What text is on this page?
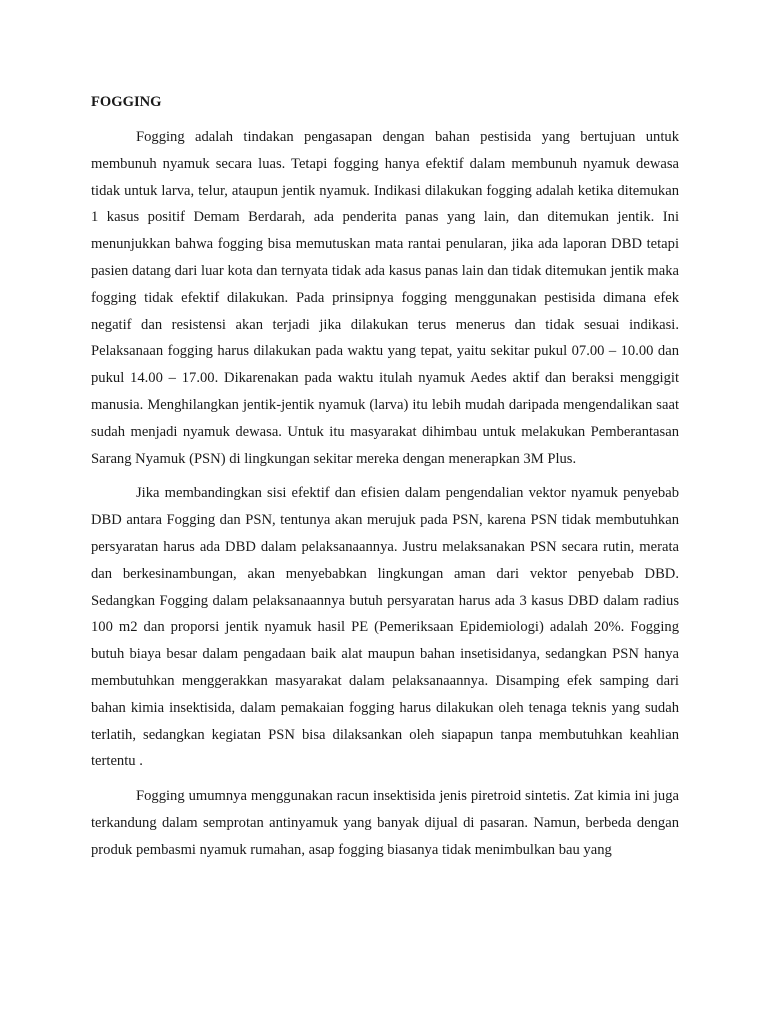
FOGGING

Fogging adalah tindakan pengasapan dengan bahan pestisida yang bertujuan untuk membunuh nyamuk secara luas. Tetapi fogging hanya efektif dalam membunuh nyamuk dewasa tidak untuk larva, telur, ataupun jentik nyamuk. Indikasi dilakukan fogging adalah ketika ditemukan 1 kasus positif Demam Berdarah, ada penderita panas yang lain, dan ditemukan jentik. Ini menunjukkan bahwa fogging bisa memutuskan mata rantai penularan, jika ada laporan DBD tetapi pasien datang dari luar kota dan ternyata tidak ada kasus panas lain dan tidak ditemukan jentik maka fogging tidak efektif dilakukan. Pada prinsipnya fogging menggunakan pestisida dimana efek negatif dan resistensi akan terjadi jika dilakukan terus menerus dan tidak sesuai indikasi. Pelaksanaan fogging harus dilakukan pada waktu yang tepat, yaitu sekitar pukul 07.00 – 10.00 dan pukul 14.00 – 17.00. Dikarenakan pada waktu itulah nyamuk Aedes aktif dan beraksi menggigit manusia. Menghilangkan jentik-jentik nyamuk (larva) itu lebih mudah daripada mengendalikan saat sudah menjadi nyamuk dewasa. Untuk itu masyarakat dihimbau untuk melakukan Pemberantasan Sarang Nyamuk (PSN) di lingkungan sekitar mereka dengan menerapkan 3M Plus.

Jika membandingkan sisi efektif dan efisien dalam pengendalian vektor nyamuk penyebab DBD antara Fogging dan PSN, tentunya akan merujuk pada PSN, karena PSN tidak membutuhkan persyaratan harus ada DBD dalam pelaksanaannya. Justru melaksanakan PSN secara rutin, merata dan berkesinambungan, akan menyebabkan lingkungan aman dari vektor penyebab DBD. Sedangkan Fogging dalam pelaksanaannya butuh persyaratan harus ada 3 kasus DBD dalam radius 100 m2 dan proporsi jentik nyamuk hasil PE (Pemeriksaan Epidemiologi) adalah 20%. Fogging butuh biaya besar dalam pengadaan baik alat maupun bahan insetisidanya, sedangkan PSN hanya membutuhkan menggerakkan masyarakat dalam pelaksanaannya. Disamping efek samping dari bahan kimia insektisida, dalam pemakaian fogging harus dilakukan oleh tenaga teknis yang sudah terlatih, sedangkan kegiatan PSN bisa dilaksankan oleh siapapun tanpa membutuhkan keahlian tertentu .

Fogging umumnya menggunakan racun insektisida jenis piretroid sintetis. Zat kimia ini juga terkandung dalam semprotan antinyamuk yang banyak dijual di pasaran. Namun, berbeda dengan produk pembasmi nyamuk rumahan, asap fogging biasanya tidak menimbulkan bau yang
